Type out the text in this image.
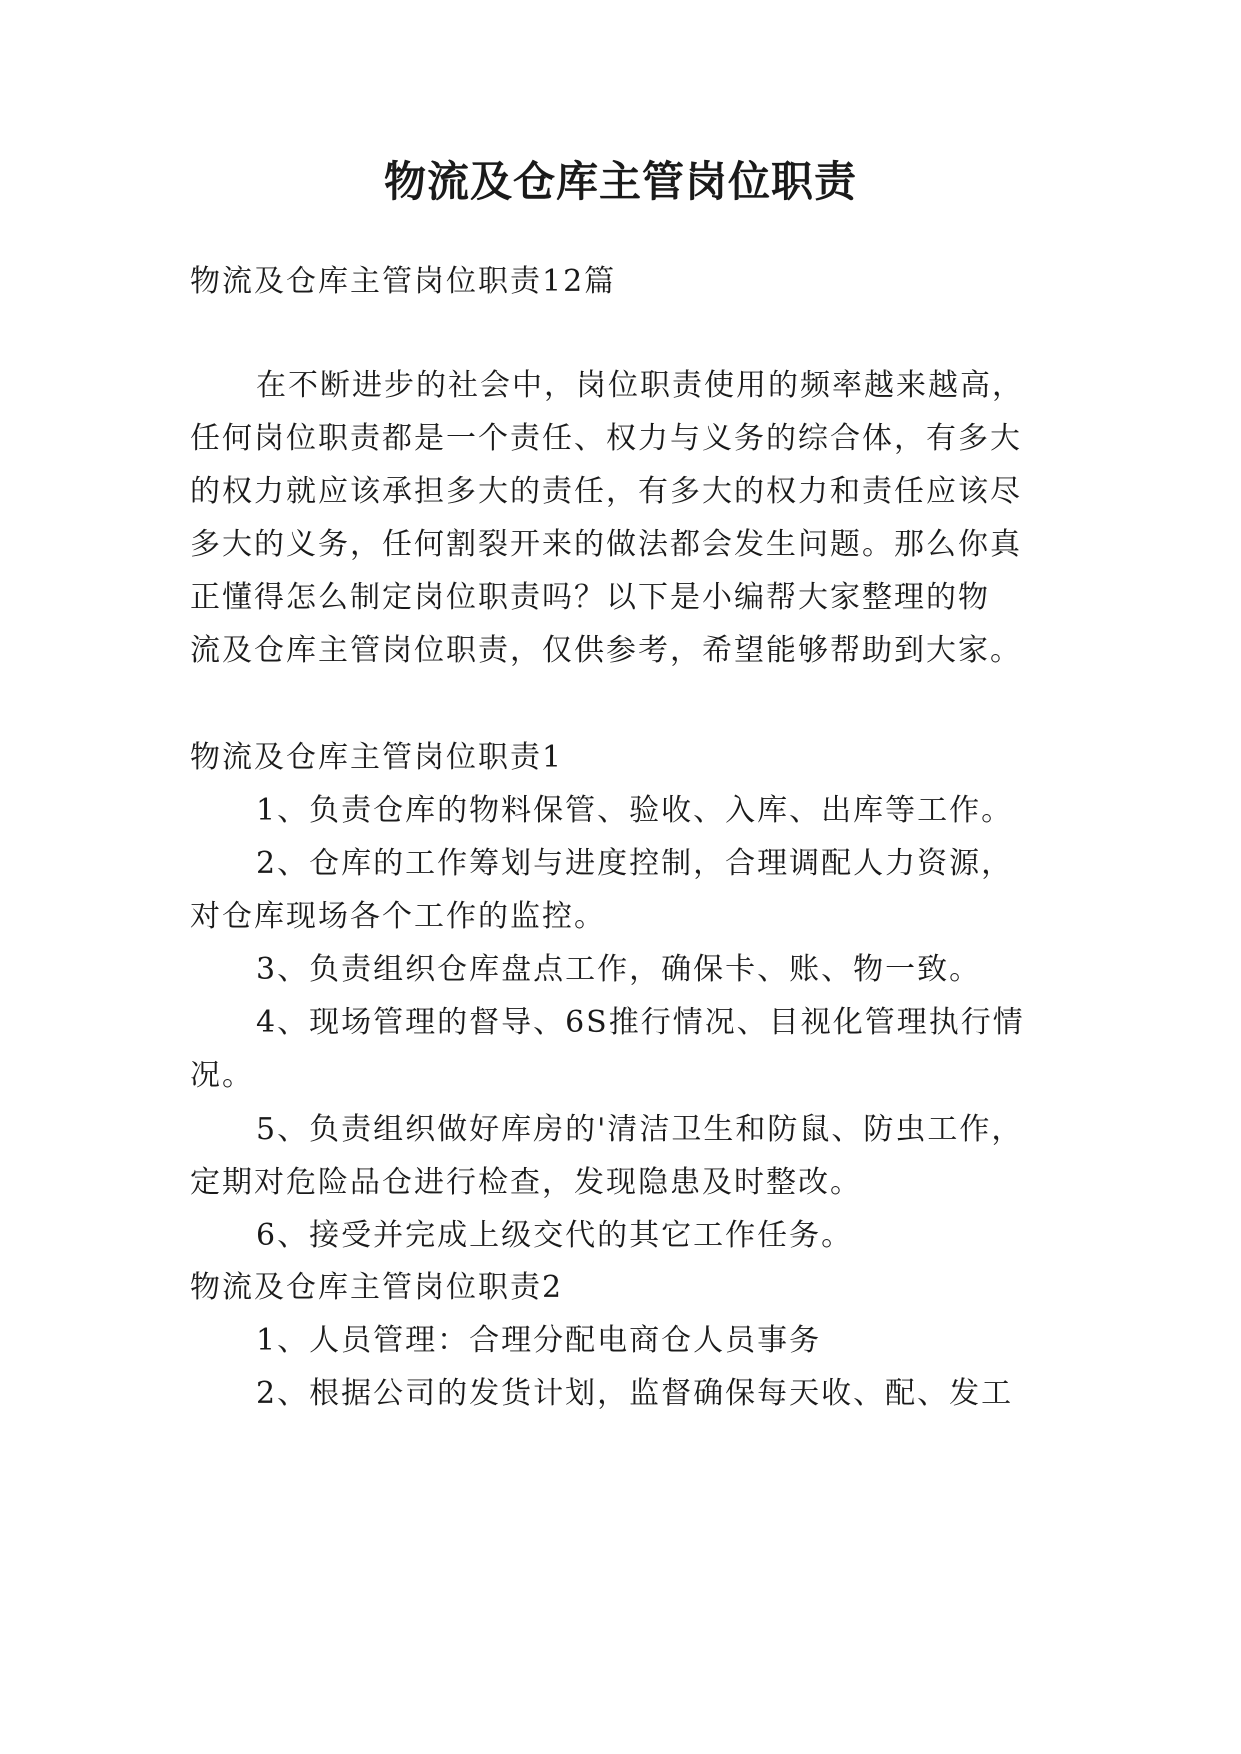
物流及仓库主管岗位职责
物流及仓库主管岗位职责12篇
在不断进步的社会中，岗位职责使用的频率越来越高，
任何岗位职责都是一个责任、权力与义务的综合体，有多大
的权力就应该承担多大的责任，有多大的权力和责任应该尽
多大的义务，任何割裂开来的做法都会发生问题。那么你真
正懂得怎么制定岗位职责吗？以下是小编帮大家整理的物
流及仓库主管岗位职责，仅供参考，希望能够帮助到大家。
物流及仓库主管岗位职责1
1、负责仓库的物料保管、验收、入库、出库等工作。
2、仓库的工作筹划与进度控制，合理调配人力资源，
对仓库现场各个工作的监控。
3、负责组织仓库盘点工作，确保卡、账、物一致。
4、现场管理的督导、6S推行情况、目视化管理执行情
况。
5、负责组织做好库房的'清洁卫生和防鼠、防虫工作，
定期对危险品仓进行检查，发现隐患及时整改。
6、接受并完成上级交代的其它工作任务。
物流及仓库主管岗位职责2
1、人员管理：合理分配电商仓人员事务
2、根据公司的发货计划，监督确保每天收、配、发工
